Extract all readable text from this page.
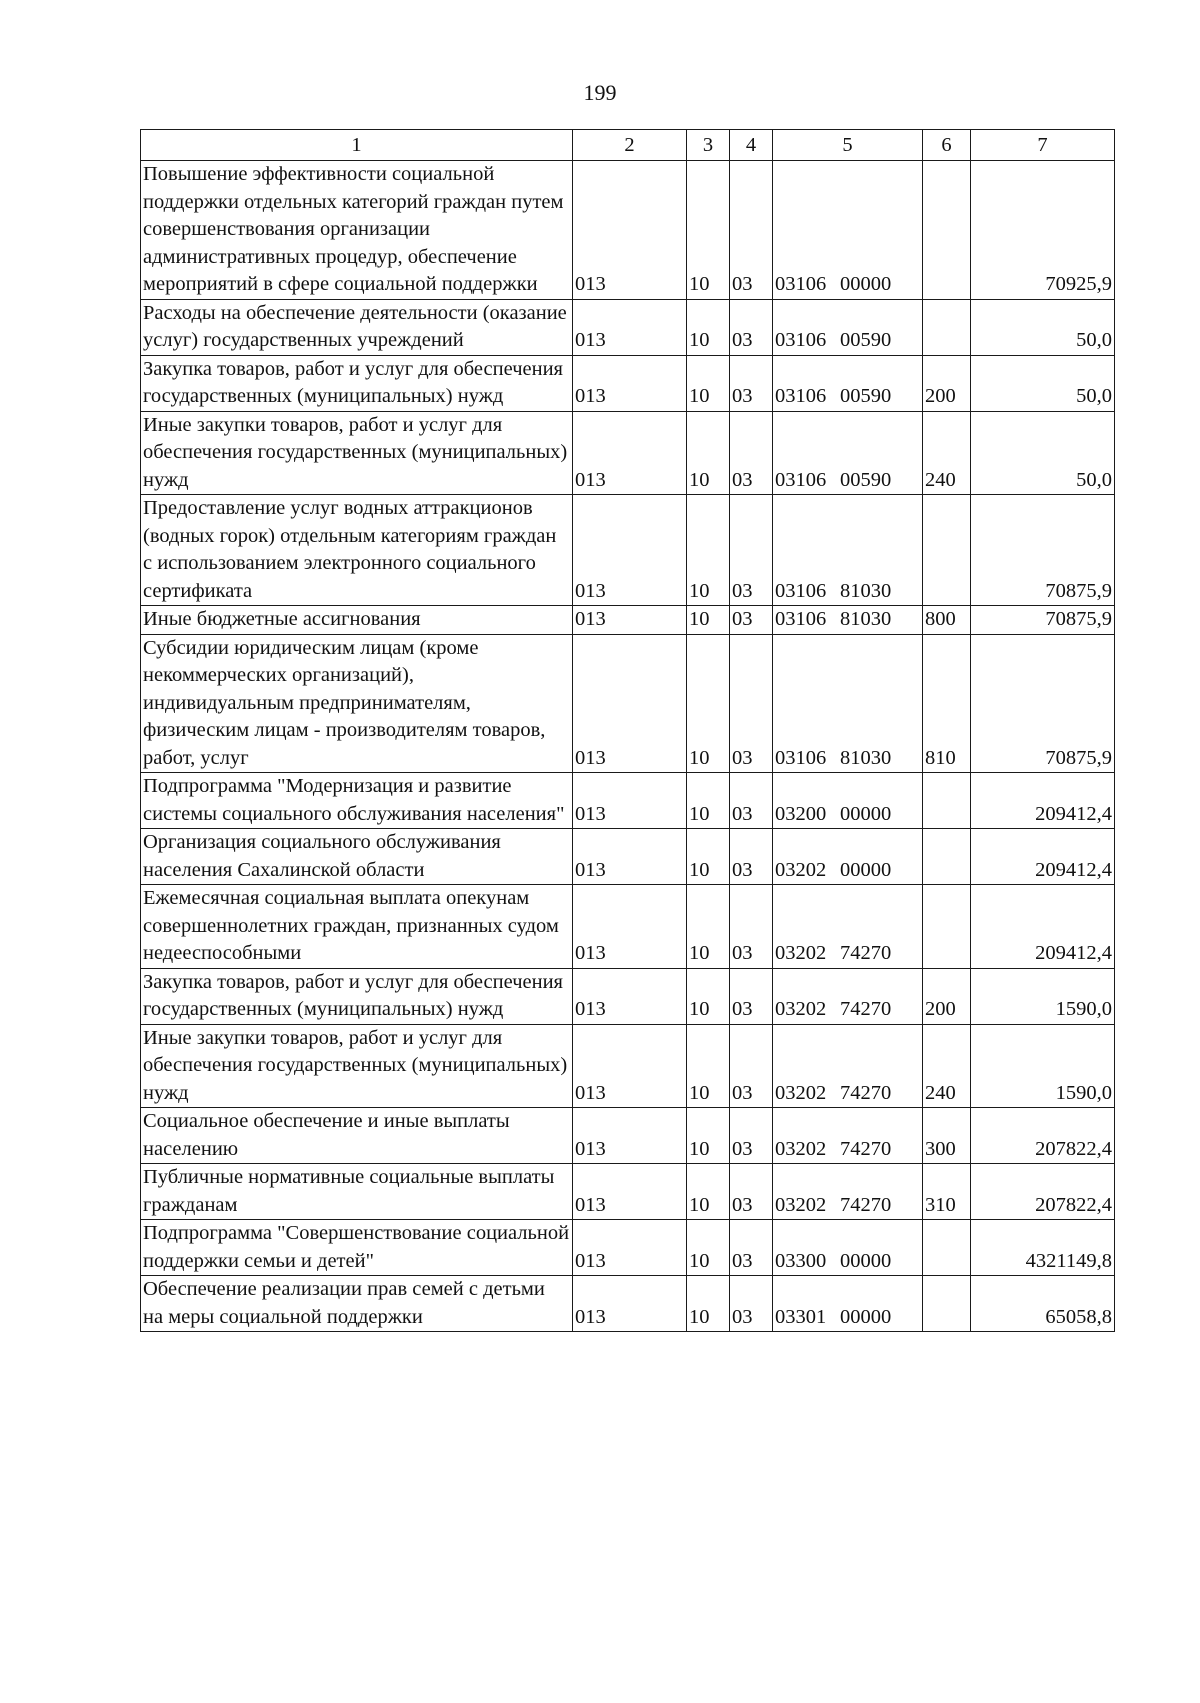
199
1	2	3	4	5	6	7
Повышение эффективности социальной поддержки отдельных категорий граждан путем совершенствования организации административных процедур, обеспечение мероприятий в сфере социальной поддержки	013	10	03	03106 00000		70925,9
Расходы на обеспечение деятельности (оказание услуг) государственных учреждений	013	10	03	03106 00590		50,0
Закупка товаров, работ и услуг для обеспечения государственных (муниципальных) нужд	013	10	03	03106 00590	200	50,0
Иные закупки товаров, работ и услуг для обеспечения государственных (муниципальных) нужд	013	10	03	03106 00590	240	50,0
Предоставление услуг водных аттракционов (водных горок) отдельным категориям граждан с использованием электронного социального сертификата	013	10	03	03106 81030		70875,9
Иные бюджетные ассигнования	013	10	03	03106 81030	800	70875,9
Субсидии юридическим лицам (кроме некоммерческих организаций), индивидуальным предпринимателям, физическим лицам - производителям товаров, работ, услуг	013	10	03	03106 81030	810	70875,9
Подпрограмма "Модернизация и развитие системы социального обслуживания населения"	013	10	03	03200 00000		209412,4
Организация социального обслуживания населения Сахалинской области	013	10	03	03202 00000		209412,4
Ежемесячная социальная выплата опекунам совершеннолетних граждан, признанных судом недееспособными	013	10	03	03202 74270		209412,4
Закупка товаров, работ и услуг для обеспечения государственных (муниципальных) нужд	013	10	03	03202 74270	200	1590,0
Иные закупки товаров, работ и услуг для обеспечения государственных (муниципальных) нужд	013	10	03	03202 74270	240	1590,0
Социальное обеспечение и иные выплаты населению	013	10	03	03202 74270	300	207822,4
Публичные нормативные социальные выплаты гражданам	013	10	03	03202 74270	310	207822,4
Подпрограмма "Совершенствование социальной поддержки семьи и детей"	013	10	03	03300 00000		4321149,8
Обеспечение реализации прав семей с детьми на меры социальной поддержки	013	10	03	03301 00000		65058,8
